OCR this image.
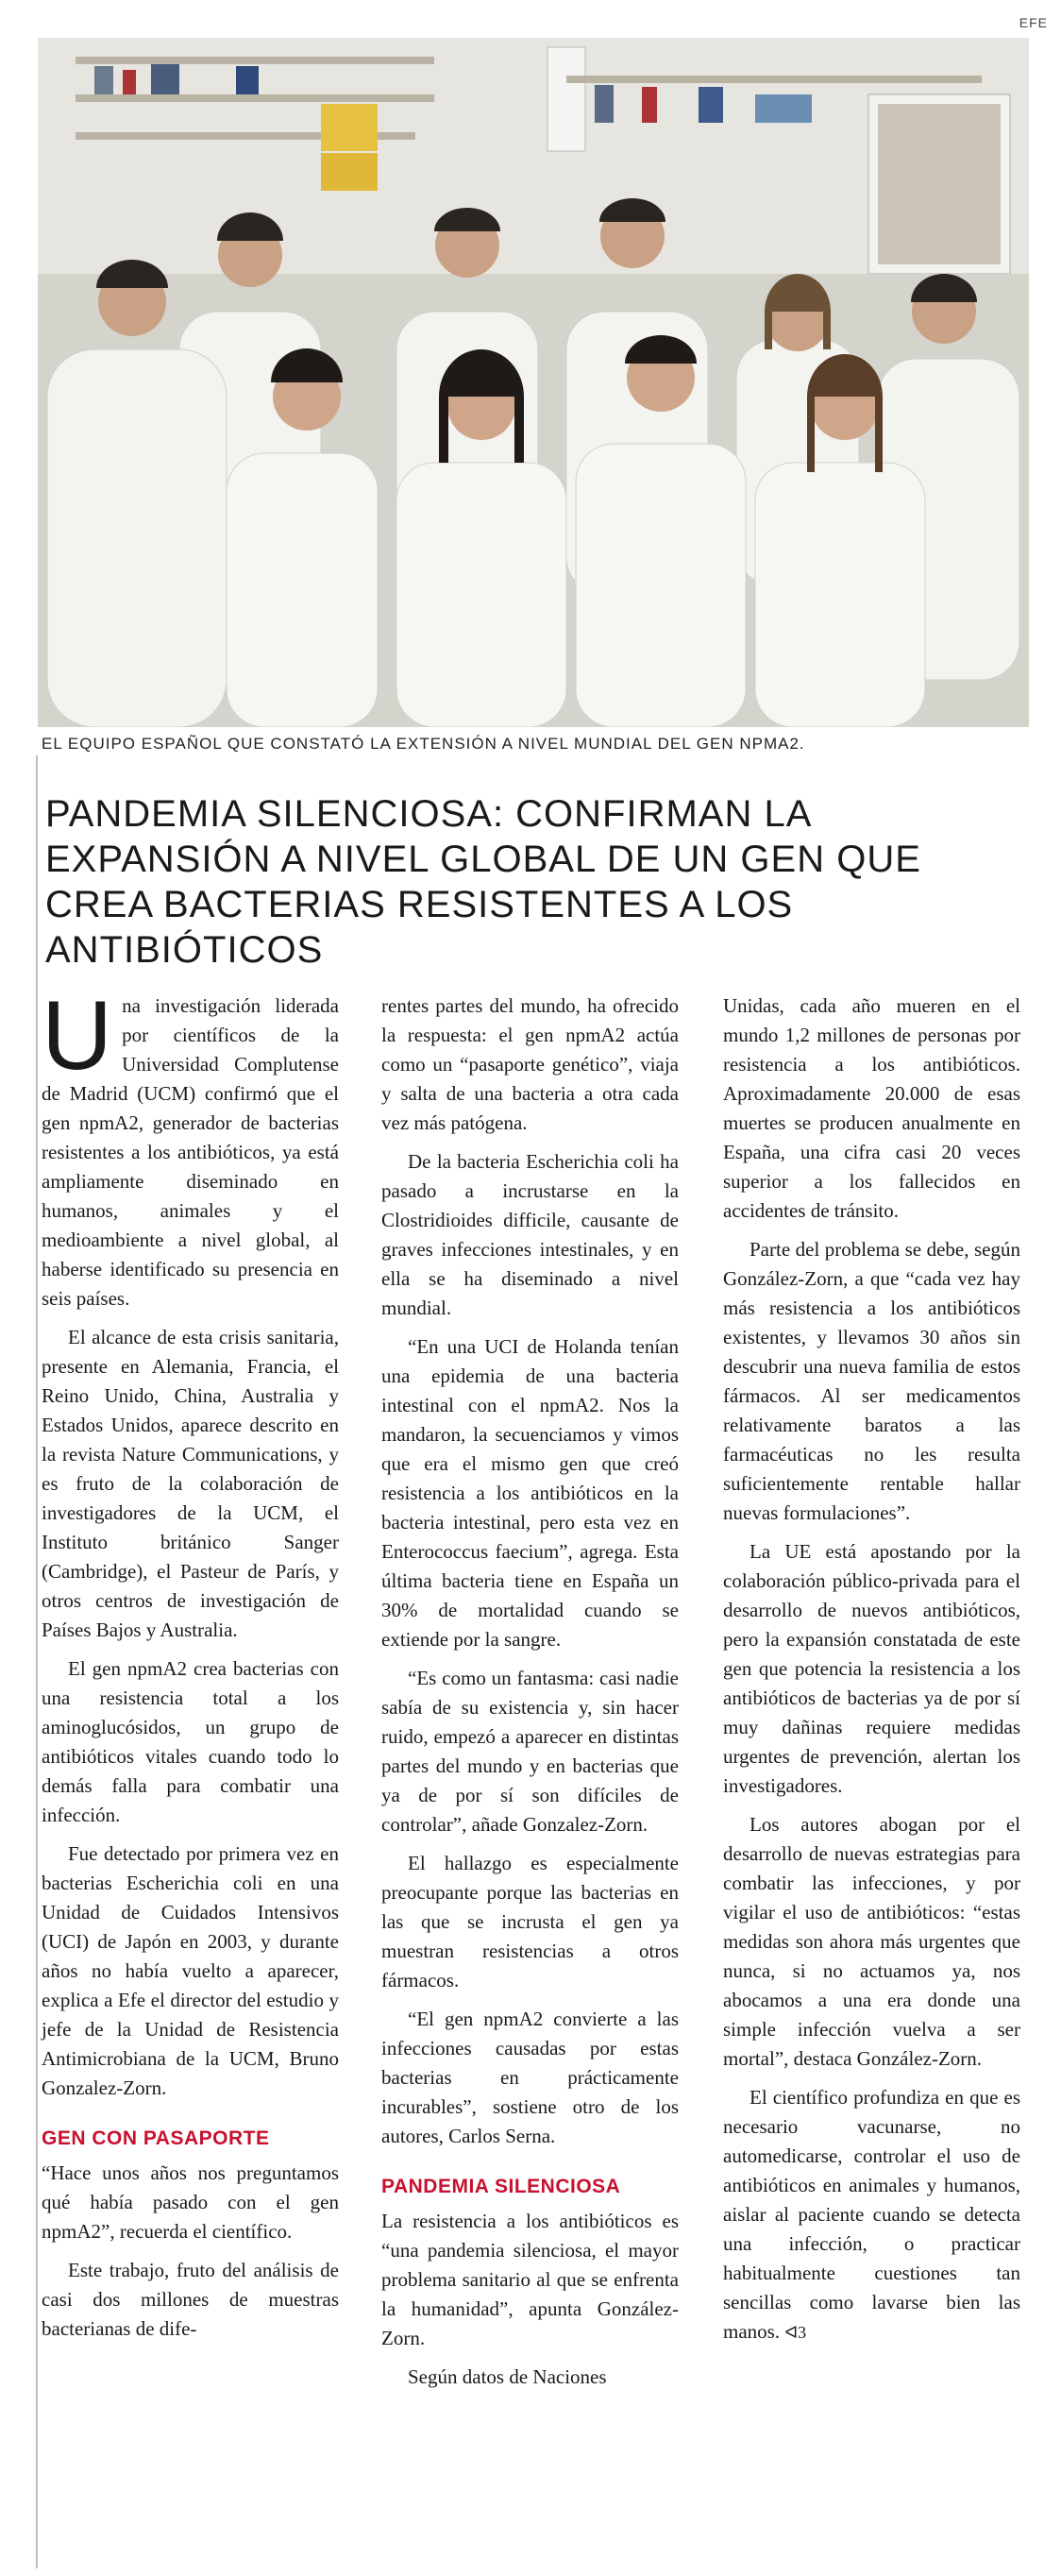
EFE
EL EQUIPO ESPAÑOL QUE CONSTATÓ LA EXTENSIÓN A NIVEL MUNDIAL DEL GEN NPMA2.
PANDEMIA SILENCIOSA: CONFIRMAN LA EXPANSIÓN A NIVEL GLOBAL DE UN GEN QUE CREA BACTERIAS RESISTENTES A LOS ANTIBIÓTICOS

Una investigación liderada por científicos de la Universidad Complutense de Madrid (UCM) confirmó que el gen npmA2, generador de bacterias resistentes a los antibióticos, ya está ampliamente diseminado en humanos, animales y el medioambiente a nivel global, al haberse identificado su presencia en seis países.

El alcance de esta crisis sanitaria, presente en Alemania, Francia, el Reino Unido, China, Australia y Estados Unidos, aparece descrito en la revista Nature Communications, y es fruto de la colaboración de investigadores de la UCM, el Instituto británico Sanger (Cambridge), el Pasteur de París, y otros centros de investigación de Países Bajos y Australia.

El gen npmA2 crea bacterias con una resistencia total a los aminoglucósidos, un grupo de antibióticos vitales cuando todo lo demás falla para combatir una infección.

Fue detectado por primera vez en bacterias Escherichia coli en una Unidad de Cuidados Intensivos (UCI) de Japón en 2003, y durante años no había vuelto a aparecer, explica a Efe el director del estudio y jefe de la Unidad de Resistencia Antimicrobiana de la UCM, Bruno Gonzalez-Zorn.

GEN CON PASAPORTE

“Hace unos años nos preguntamos qué había pasado con el gen npmA2”, recuerda el científico.

Este trabajo, fruto del análisis de casi dos millones de muestras bacterianas de dife-

rentes partes del mundo, ha ofrecido la respuesta: el gen npmA2 actúa como un “pasaporte genético”, viaja y salta de una bacteria a otra cada vez más patógena.

De la bacteria Escherichia coli ha pasado a incrustarse en la Clostridioides difficile, causante de graves infecciones intestinales, y en ella se ha diseminado a nivel mundial.

“En una UCI de Holanda tenían una epidemia de una bacteria intestinal con el npmA2. Nos la mandaron, la secuenciamos y vimos que era el mismo gen que creó resistencia a los antibióticos en la bacteria intestinal, pero esta vez en Enterococcus faecium”, agrega. Esta última bacteria tiene en España un 30% de mortalidad cuando se extiende por la sangre.

“Es como un fantasma: casi nadie sabía de su existencia y, sin hacer ruido, empezó a aparecer en distintas partes del mundo y en bacterias que ya de por sí son difíciles de controlar”, añade Gonzalez-Zorn.

El hallazgo es especialmente preocupante porque las bacterias en las que se incrusta el gen ya muestran resistencias a otros fármacos.

“El gen npmA2 convierte a las infecciones causadas por estas bacterias en prácticamente incurables”, sostiene otro de los autores, Carlos Serna.

PANDEMIA SILENCIOSA

La resistencia a los antibióticos es “una pandemia silenciosa, el mayor problema sanitario al que se enfrenta la humanidad”, apunta González-Zorn.

Según datos de Naciones

Unidas, cada año mueren en el mundo 1,2 millones de personas por resistencia a los antibióticos. Aproximadamente 20.000 de esas muertes se producen anualmente en España, una cifra casi 20 veces superior a los fallecidos en accidentes de tránsito.

Parte del problema se debe, según González-Zorn, a que “cada vez hay más resistencia a los antibióticos existentes, y llevamos 30 años sin descubrir una nueva familia de estos fármacos. Al ser medicamentos relativamente baratos a las farmacéuticas no les resulta suficientemente rentable hallar nuevas formulaciones”.

La UE está apostando por la colaboración público-privada para el desarrollo de nuevos antibióticos, pero la expansión constatada de este gen que potencia la resistencia a los antibióticos de bacterias ya de por sí muy dañinas requiere medidas urgentes de prevención, alertan los investigadores.

Los autores abogan por el desarrollo de nuevas estrategias para combatir las infecciones, y por vigilar el uso de antibióticos: “estas medidas son ahora más urgentes que nunca, si no actuamos ya, nos abocamos a una era donde una simple infección vuelva a ser mortal”, destaca González-Zorn.

El científico profundiza en que es necesario vacunarse, no automedicarse, controlar el uso de antibióticos en animales y humanos, aislar al paciente cuando se detecta una infección, o practicar habitualmente cuestiones tan sencillas como lavarse bien las manos. ᐊ3
